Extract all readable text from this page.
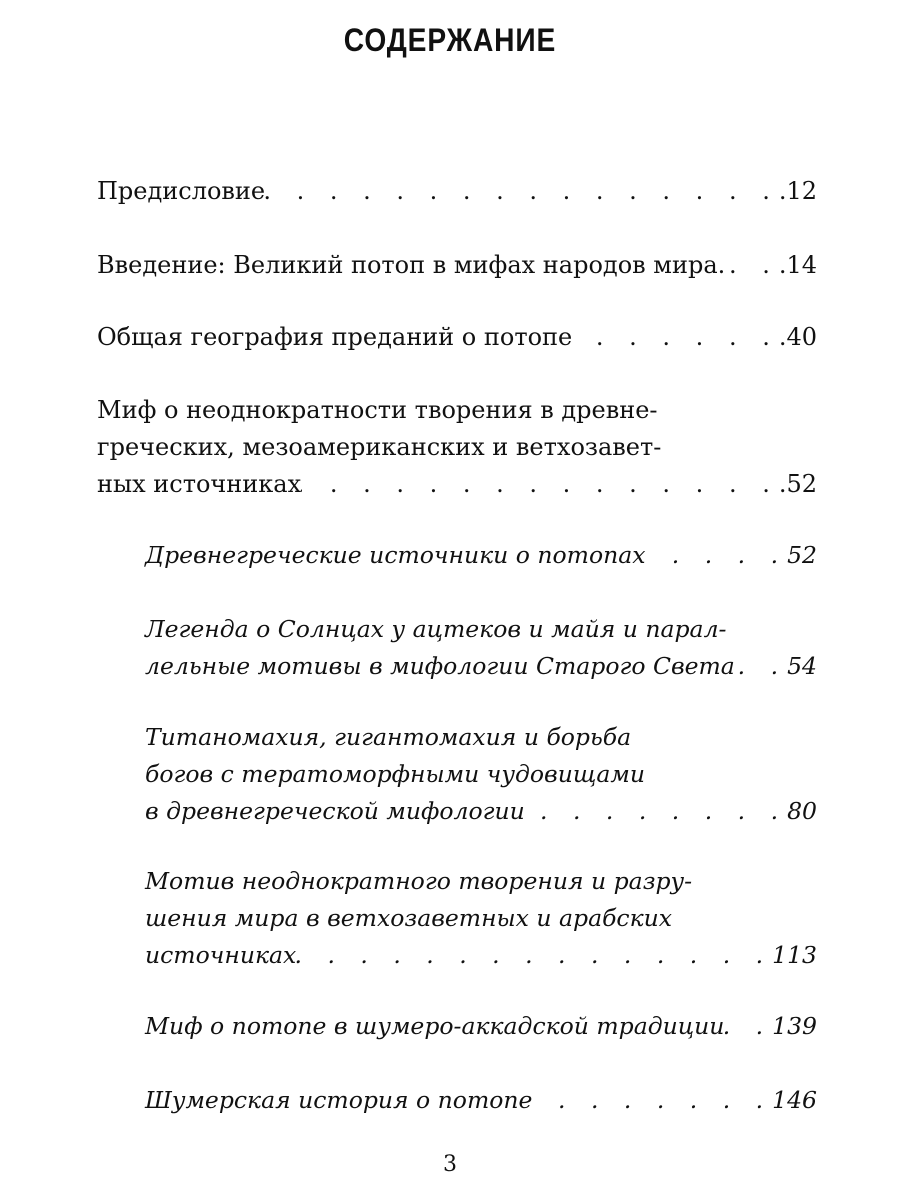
СОДЕРЖАНИЕ
Предисловие . . .	.12
Введение: Великий потоп в мифах народов мира. . . . .14
Общая география преданий о потопе . . .	.40
Миф о неоднократности творения в древне-
греческих, мезоамериканских и ветхозавет-
ных источниках . . .	.52
Древнегреческие источники о потопах . . .	52
Легенда о Солнцах у ацтеков и майя и парал-
лельные мотивы в мифологии Старого Света . . . 54
Титаномахия, гигантомахия и борьба
богов с тератоморфными чудовищами
в древнегреческой мифологии . . .	80
Мотив неоднократного творения и разру-
шения мира в ветхозаветных и арабских
источниках . . .	113
Миф о потопе в шумеро-аккадской традиции . . . 139
Шумерская история о потопе . . .	146
3
